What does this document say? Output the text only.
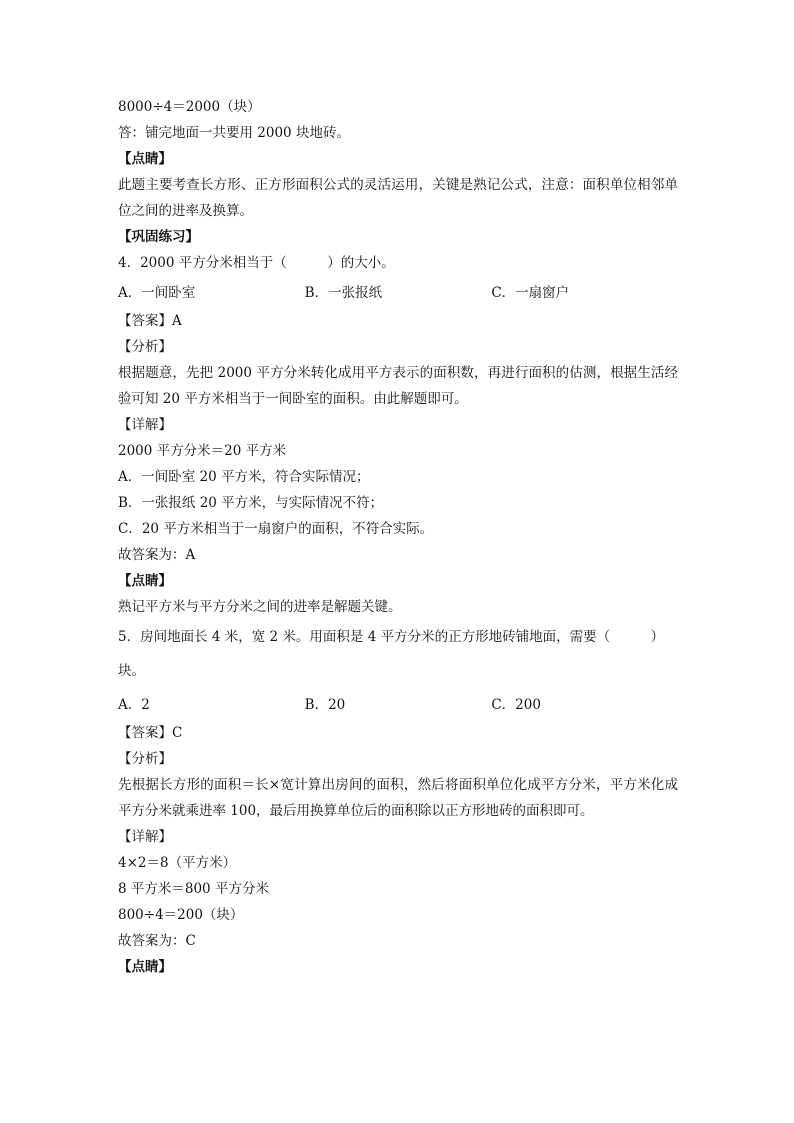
8000÷4＝2000（块）
答：铺完地面一共要用 2000 块地砖。
【点睛】
此题主要考查长方形、正方形面积公式的灵活运用，关键是熟记公式，注意：面积单位相邻单位之间的进率及换算。
【巩固练习】
4．2000 平方分米相当于（　　　）的大小。
A．一间卧室	B．一张报纸	C．一扇窗户
【答案】A
【分析】
根据题意，先把 2000 平方分米转化成用平方表示的面积数，再进行面积的估测，根据生活经验可知 20 平方米相当于一间卧室的面积。由此解题即可。
【详解】
2000 平方分米＝20 平方米
A．一间卧室 20 平方米，符合实际情况；
B．一张报纸 20 平方米，与实际情况不符；
C．20 平方米相当于一扇窗户的面积，不符合实际。
故答案为：A
【点睛】
熟记平方米与平方分米之间的进率是解题关键。
5．房间地面长 4 米，宽 2 米。用面积是 4 平方分米的正方形地砖铺地面，需要（　　　）块。
A．2	B．20	C．200
【答案】C
【分析】
先根据长方形的面积＝长×宽计算出房间的面积，然后将面积单位化成平方分米，平方米化成平方分米就乘进率 100，最后用换算单位后的面积除以正方形地砖的面积即可。
【详解】
4×2＝8（平方米）
8 平方米＝800 平方分米
800÷4＝200（块）
故答案为：C
【点睛】
